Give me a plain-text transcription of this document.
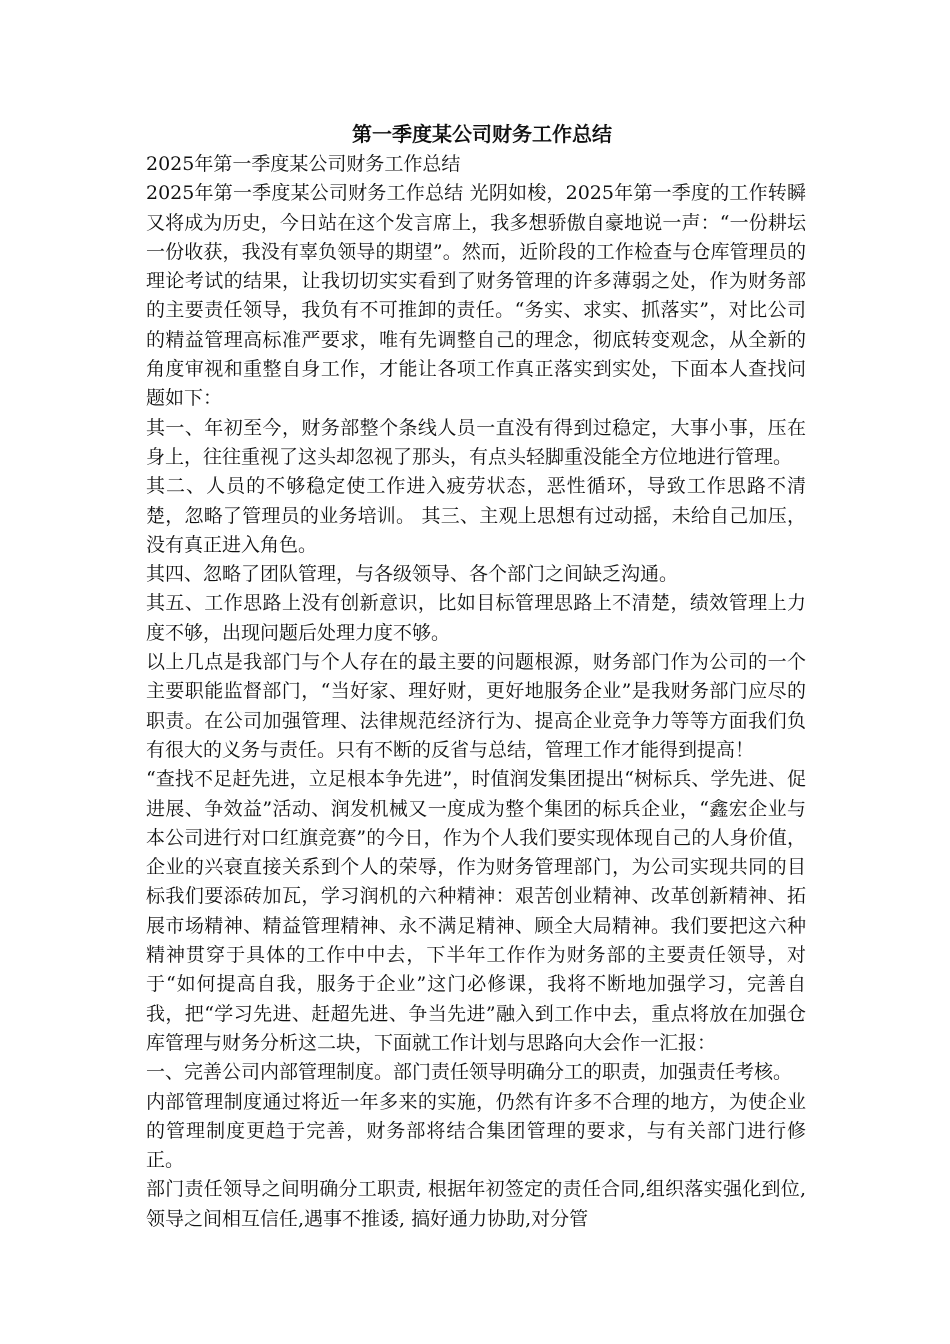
第一季度某公司财务工作总结

2025年第一季度某公司财务工作总结

2025年第一季度某公司财务工作总结 光阴如梭，2025年第一季度的工作转瞬又将成为历史，今日站在这个发言席上，我多想骄傲自豪地说一声：“一份耕坛一份收获，我没有辜负领导的期望”。然而，近阶段的工作检查与仓库管理员的理论考试的结果，让我切切实实看到了财务管理的许多薄弱之处，作为财务部的主要责任领导，我负有不可推卸的责任。“务实、求实、抓落实”，对比公司的精益管理高标准严要求，唯有先调整自己的理念，彻底转变观念，从全新的角度审视和重整自身工作，才能让各项工作真正落实到实处，下面本人查找问题如下：

其一、年初至今，财务部整个条线人员一直没有得到过稳定，大事小事，压在身上，往往重视了这头却忽视了那头，有点头轻脚重没能全方位地进行管理。

其二、人员的不够稳定使工作进入疲劳状态，恶性循环，导致工作思路不清楚，忽略了管理员的业务培训。 其三、主观上思想有过动摇，未给自己加压，没有真正进入角色。

其四、忽略了团队管理，与各级领导、各个部门之间缺乏沟通。

其五、工作思路上没有创新意识，比如目标管理思路上不清楚，绩效管理上力度不够，出现问题后处理力度不够。

以上几点是我部门与个人存在的最主要的问题根源，财务部门作为公司的一个主要职能监督部门，“当好家、理好财，更好地服务企业”是我财务部门应尽的职责。在公司加强管理、法律规范经济行为、提高企业竞争力等等方面我们负有很大的义务与责任。只有不断的反省与总结，管理工作才能得到提高！

“查找不足赶先进，立足根本争先进”，时值润发集团提出“树标兵、学先进、促进展、争效益”活动、润发机械又一度成为整个集团的标兵企业，“鑫宏企业与本公司进行对口红旗竞赛”的今日，作为个人我们要实现体现自己的人身价值，企业的兴衰直接关系到个人的荣辱，作为财务管理部门，为公司实现共同的目标我们要添砖加瓦，学习润机的六种精神：艰苦创业精神、改革创新精神、拓展市场精神、精益管理精神、永不满足精神、顾全大局精神。我们要把这六种精神贯穿于具体的工作中中去，下半年工作作为财务部的主要责任领导，对于“如何提高自我，服务于企业”这门必修课，我将不断地加强学习，完善自我，把“学习先进、赶超先进、争当先进”融入到工作中去，重点将放在加强仓库管理与财务分析这二块，下面就工作计划与思路向大会作一汇报：

一、完善公司内部管理制度。部门责任领导明确分工的职责，加强责任考核。

内部管理制度通过将近一年多来的实施，仍然有许多不合理的地方，为使企业的管理制度更趋于完善，财务部将结合集团管理的要求，与有关部门进行修正。

部门责任领导之间明确分工职责, 根据年初签定的责任合同,组织落实强化到位,领导之间相互信任,遇事不推诿, 搞好通力协助,对分管
